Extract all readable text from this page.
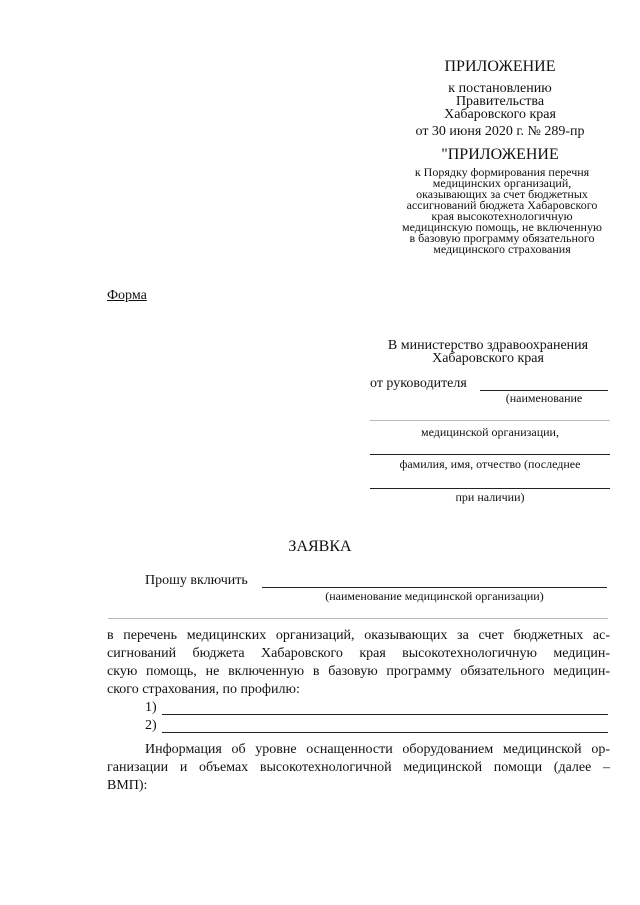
ПРИЛОЖЕНИЕ
к постановлению
Правительства
Хабаровского края
от 30 июня 2020 г. № 289-пр
"ПРИЛОЖЕНИЕ
к Порядку формирования перечня
медицинских организаций,
оказывающих за счет бюджетных
ассигнований бюджета Хабаровского
края высокотехнологичную
медицинскую помощь, не включенную
в базовую программу обязательного
медицинского страхования
Форма
В министерство здравоохранения
Хабаровского края
от руководителя
(наименование
медицинской организации,
фамилия, имя, отчество (последнее
при наличии)
ЗАЯВКА
Прошу включить
(наименование медицинской организации)
в перечень медицинских организаций, оказывающих за счет бюджетных ас-
сигнований бюджета Хабаровского края высокотехнологичную медицин-
скую помощь, не включенную в базовую программу обязательного медицин-
ского страхования, по профилю:
1)
2)
Информация об уровне оснащенности оборудованием медицинской ор-
ганизации и объемах высокотехнологичной медицинской помощи (далее –
ВМП):
